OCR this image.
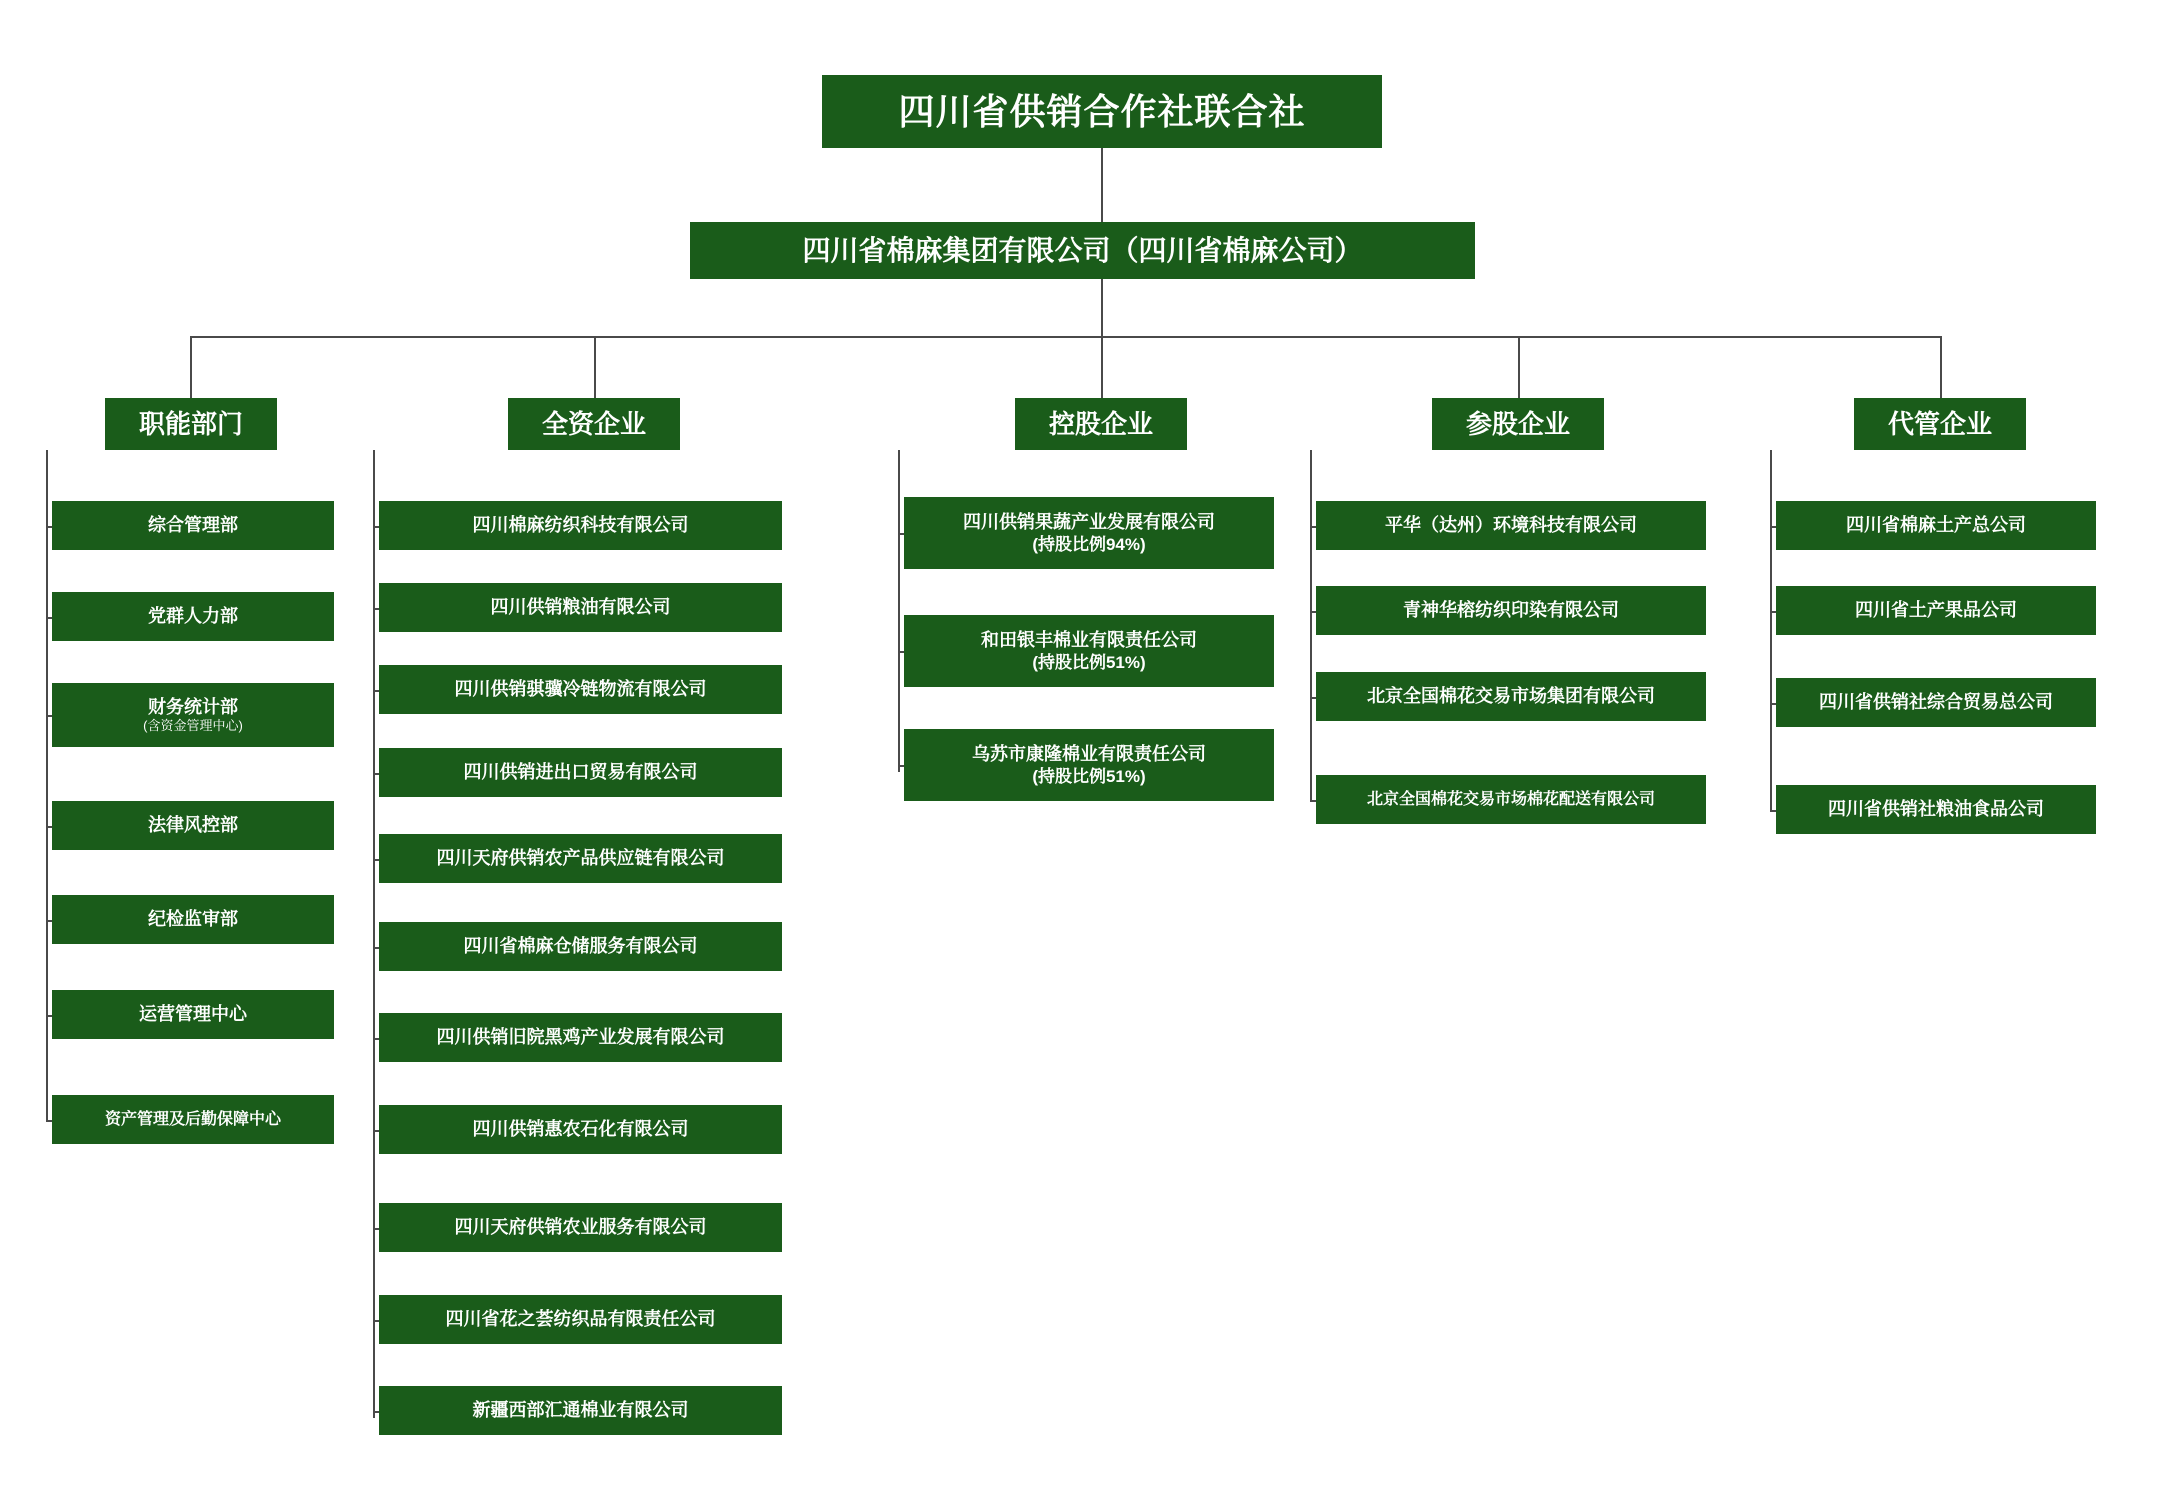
四川省供销合作社联合社
四川省棉麻集团有限公司（四川省棉麻公司）
职能部门
综合管理部
党群人力部
财务统计部
(含资金管理中心)
法律风控部
纪检监审部
运营管理中心
资产管理及后勤保障中心
全资企业
四川棉麻纺织科技有限公司
四川供销粮油有限公司
四川供销骐骥冷链物流有限公司
四川供销进出口贸易有限公司
四川天府供销农产品供应链有限公司
四川省棉麻仓储服务有限公司
四川供销旧院黑鸡产业发展有限公司
四川供销惠农石化有限公司
四川天府供销农业服务有限公司
四川省花之荟纺织品有限责任公司
新疆西部汇通棉业有限公司
控股企业
四川供销果蔬产业发展有限公司
(持股比例94%)
和田银丰棉业有限责任公司
(持股比例51%)
乌苏市康隆棉业有限责任公司
(持股比例51%)
参股企业
平华（达州）环境科技有限公司
青神华榕纺织印染有限公司
北京全国棉花交易市场集团有限公司
北京全国棉花交易市场棉花配送有限公司
代管企业
四川省棉麻土产总公司
四川省土产果品公司
四川省供销社综合贸易总公司
四川省供销社粮油食品公司
